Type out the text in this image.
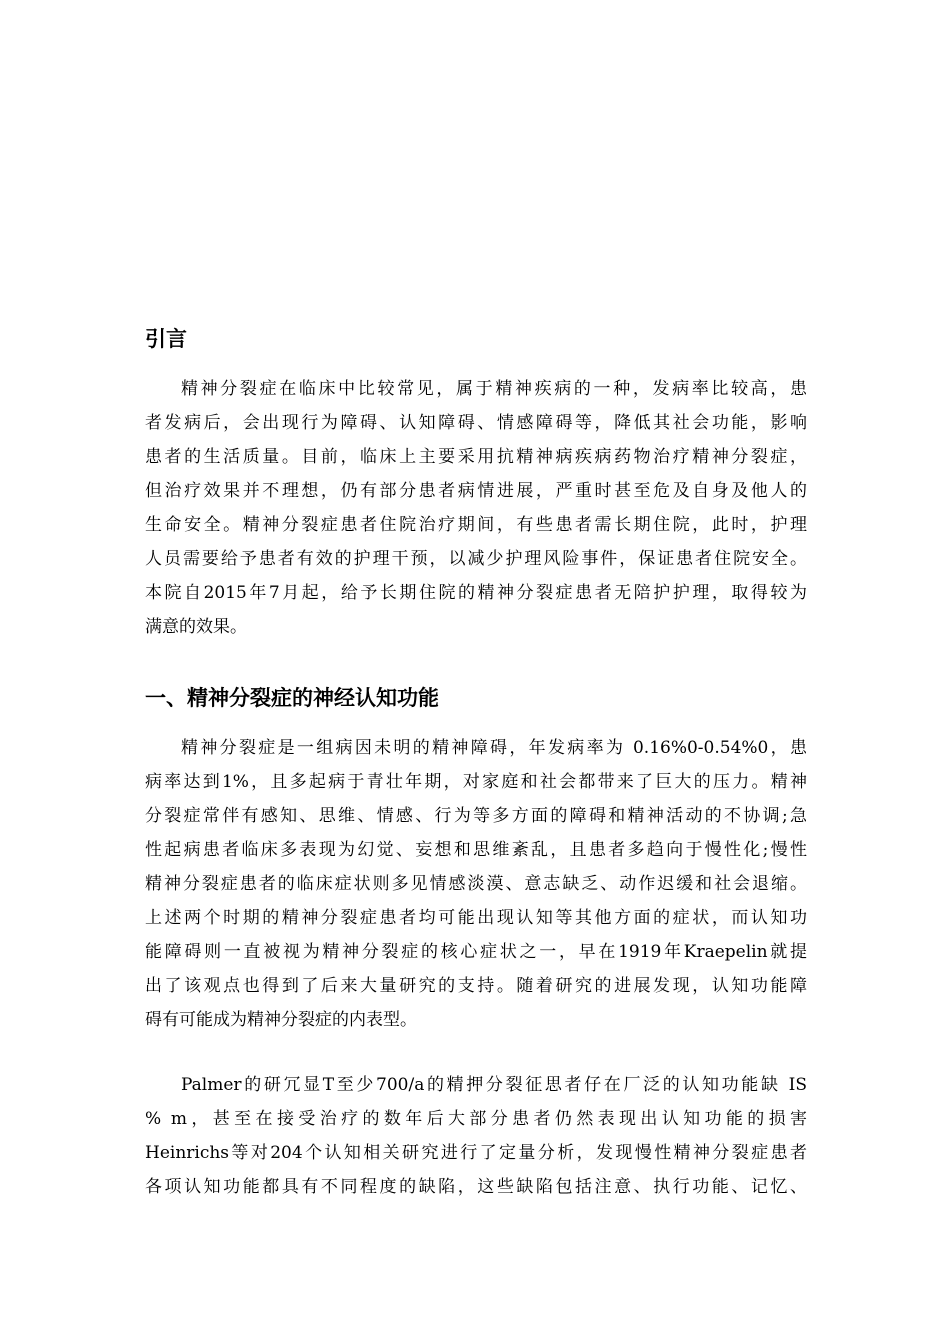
引言
精神分裂症在临床中比较常见，属于精神疾病的一种，发病率比较高，患
者发病后，会出现行为障碍、认知障碍、情感障碍等，降低其社会功能，影响
患者的生活质量。目前，临床上主要采用抗精神病疾病药物治疗精神分裂症，
但治疗效果并不理想，仍有部分患者病情进展，严重时甚至危及自身及他人的
生命安全。精神分裂症患者住院治疗期间，有些患者需长期住院，此时，护理
人员需要给予患者有效的护理干预，以减少护理风险事件，保证患者住院安全。
本院自2015年7月起，给予长期住院的精神分裂症患者无陪护护理，取得较为
满意的效果。
一、精神分裂症的神经认知功能
精神分裂症是一组病因未明的精神障碍，年发病率为 0.16%0-0.54%0，患
病率达到1%，且多起病于青壮年期，对家庭和社会都带来了巨大的压力。精神
分裂症常伴有感知、思维、情感、行为等多方面的障碍和精神活动的不协调;急
性起病患者临床多表现为幻觉、妄想和思维紊乱，且患者多趋向于慢性化;慢性
精神分裂症患者的临床症状则多见情感淡漠、意志缺乏、动作迟缓和社会退缩。
上述两个时期的精神分裂症患者均可能出现认知等其他方面的症状，而认知功
能障碍则一直被视为精神分裂症的核心症状之一，早在1919年Kraepelin就提
出了该观点也得到了后来大量研究的支持。随着研究的进展发现，认知功能障
碍有可能成为精神分裂症的内表型。
Palmer的研冗显T至少700/a的精押分裂征思者仔在厂泛的认知功能缺 IS
% m，甚至在接受治疗的数年后大部分患者仍然表现出认知功能的损害
Heinrichs等对204个认知相关研究进行了定量分析，发现慢性精神分裂症患者
各项认知功能都具有不同程度的缺陷，这些缺陷包括注意、执行功能、记忆、
